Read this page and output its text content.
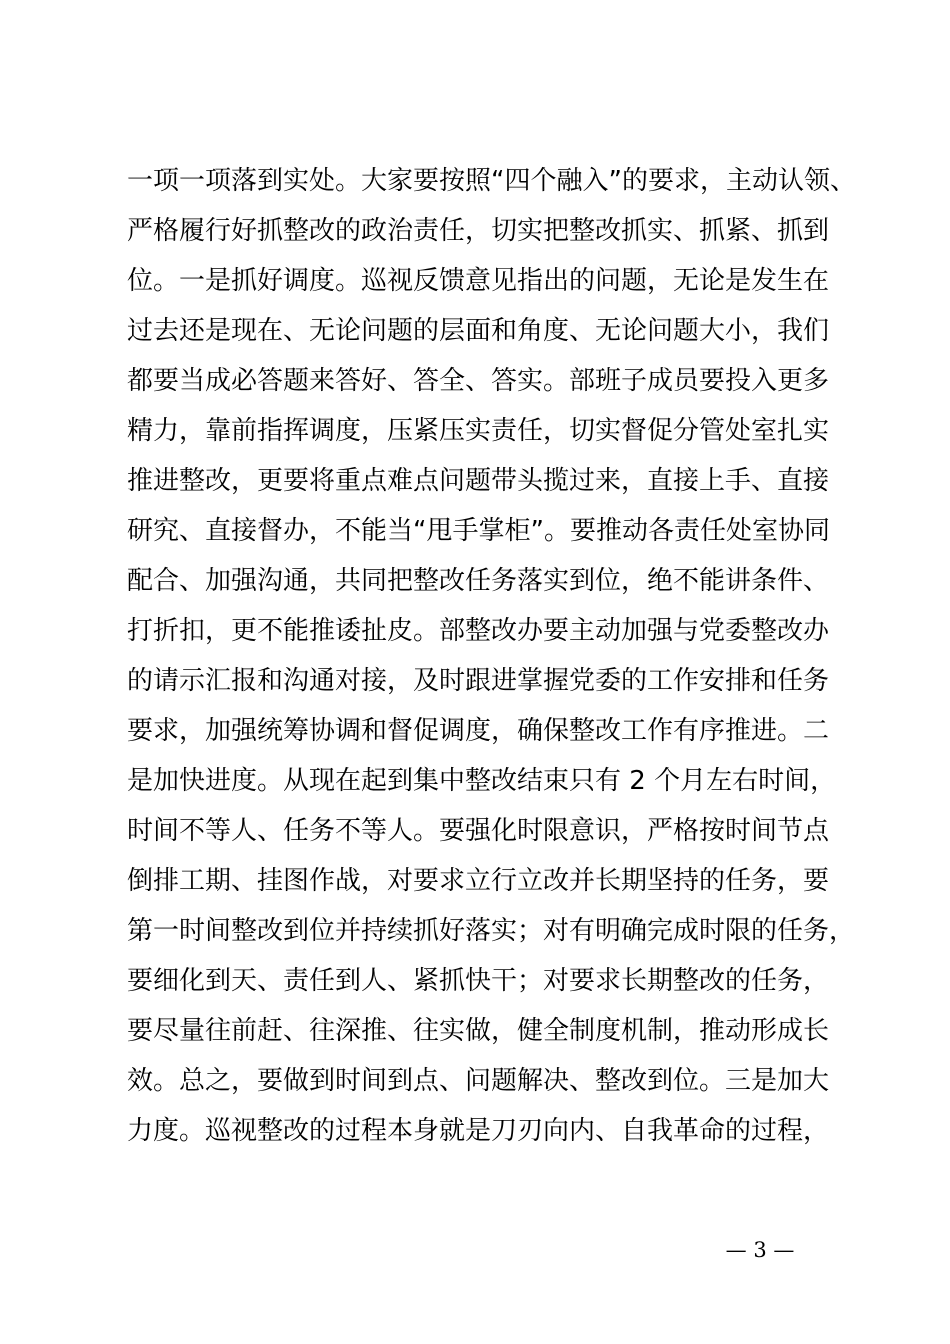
一项一项落到实处。大家要按照“四个融入”的要求，主动认领、
严格履行好抓整改的政治责任，切实把整改抓实、抓紧、抓到
位。一是抓好调度。巡视反馈意见指出的问题，无论是发生在
过去还是现在、无论问题的层面和角度、无论问题大小，我们
都要当成必答题来答好、答全、答实。部班子成员要投入更多
精力，靠前指挥调度，压紧压实责任，切实督促分管处室扎实
推进整改，更要将重点难点问题带头揽过来，直接上手、直接
研究、直接督办，不能当“甩手掌柜”。要推动各责任处室协同
配合、加强沟通，共同把整改任务落实到位，绝不能讲条件、
打折扣，更不能推诿扯皮。部整改办要主动加强与党委整改办
的请示汇报和沟通对接，及时跟进掌握党委的工作安排和任务
要求，加强统筹协调和督促调度，确保整改工作有序推进。二
是加快进度。从现在起到集中整改结束只有 2 个月左右时间，
时间不等人、任务不等人。要强化时限意识，严格按时间节点
倒排工期、挂图作战，对要求立行立改并长期坚持的任务，要
第一时间整改到位并持续抓好落实；对有明确完成时限的任务，
要细化到天、责任到人、紧抓快干；对要求长期整改的任务，
要尽量往前赶、往深推、往实做，健全制度机制，推动形成长
效。总之，要做到时间到点、问题解决、整改到位。三是加大
力度。巡视整改的过程本身就是刀刃向内、自我革命的过程，
— 3 —
